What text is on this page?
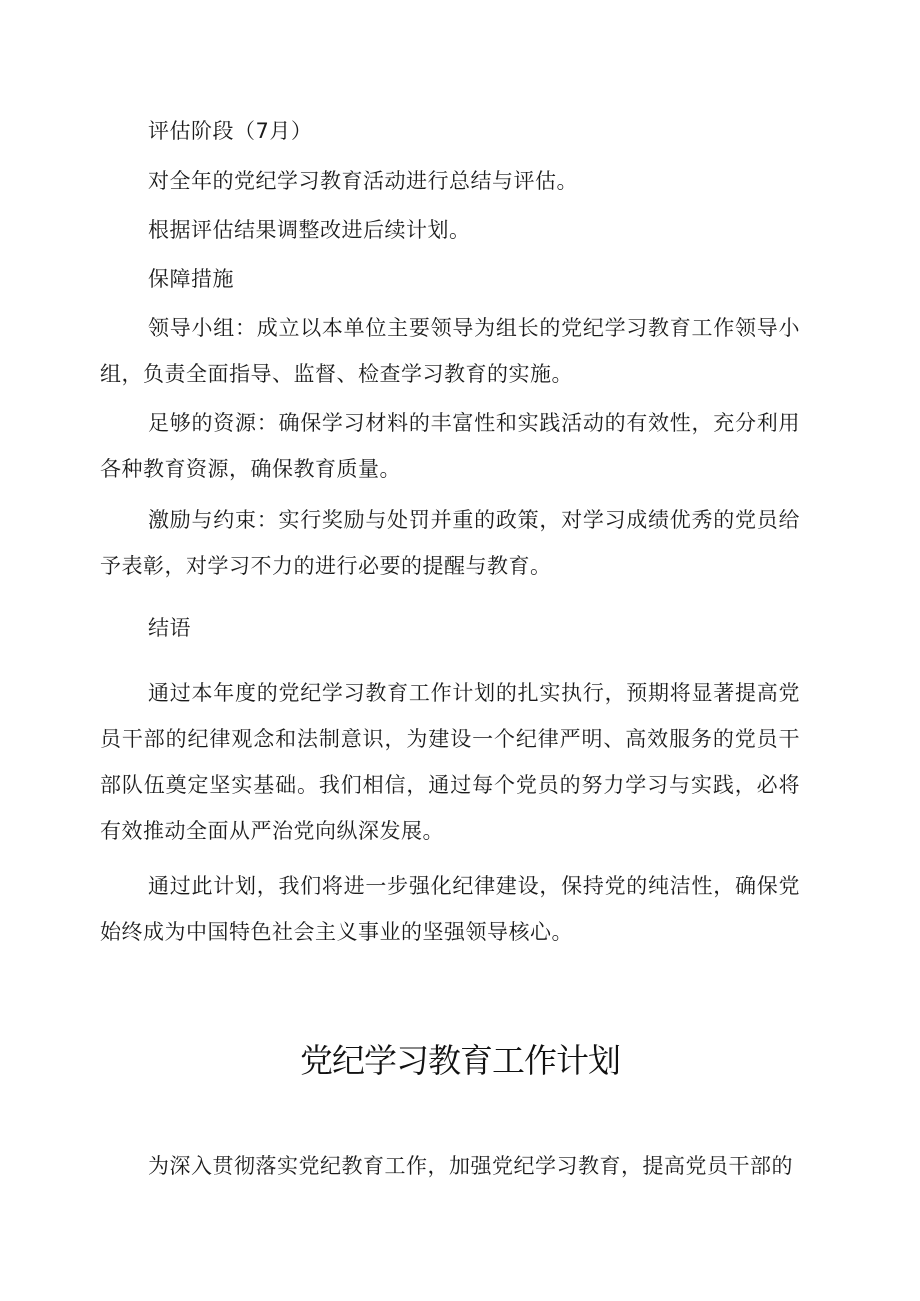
评估阶段（7月）

对全年的党纪学习教育活动进行总结与评估。

根据评估结果调整改进后续计划。

保障措施

领导小组：成立以本单位主要领导为组长的党纪学习教育工作领导小组，负责全面指导、监督、检查学习教育的实施。

足够的资源：确保学习材料的丰富性和实践活动的有效性，充分利用各种教育资源，确保教育质量。

激励与约束：实行奖励与处罚并重的政策，对学习成绩优秀的党员给予表彰，对学习不力的进行必要的提醒与教育。

结语

通过本年度的党纪学习教育工作计划的扎实执行，预期将显著提高党员干部的纪律观念和法制意识，为建设一个纪律严明、高效服务的党员干部队伍奠定坚实基础。我们相信，通过每个党员的努力学习与实践，必将有效推动全面从严治党向纵深发展。

通过此计划，我们将进一步强化纪律建设，保持党的纯洁性，确保党始终成为中国特色社会主义事业的坚强领导核心。

党纪学习教育工作计划

为深入贯彻落实党纪教育工作，加强党纪学习教育，提高党员干部的
